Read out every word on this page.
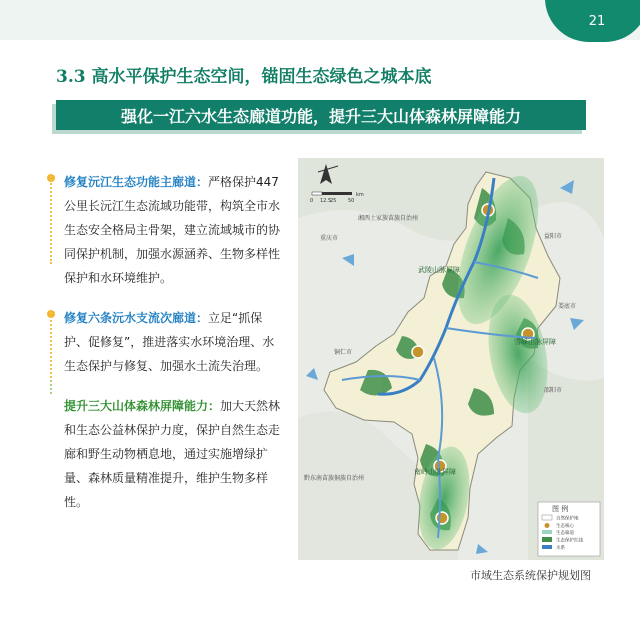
21
3.3 高水平保护生态空间，锚固生态绿色之城本底
强化一江六水生态廊道功能，提升三大山体森林屏障能力

修复沅江生态功能主廊道：严格保护447公里长沅江生态流域功能带，构筑全市水生态安全格局主骨架，建立流域城市的协同保护机制，加强水源涵养、生物多样性保护和水环境维护。

修复六条沅水支流次廊道：立足“抓保护、促修复”，推进落实水环境治理、水生态保护与修复、加强水土流失治理。

提升三大山体森林屏障能力：加大天然林和生态公益林保护力度，保护自然生态走廊和野生动物栖息地，通过实施增绿扩量、森林质量精准提升，维护生物多样性。

0 12.5
25 50
km
湘西土家族苗族自治州
重庆市
铜仁市
益阳市
娄底市
邵阳市
黔东南苗族侗族自治州
武陵山脉屏障
雪峰山脉屏障
南岭山脉屏障
图 例
自然保护地
生态核心
生态廊道
生态保护红线
水系
市域生态系统保护规划图
